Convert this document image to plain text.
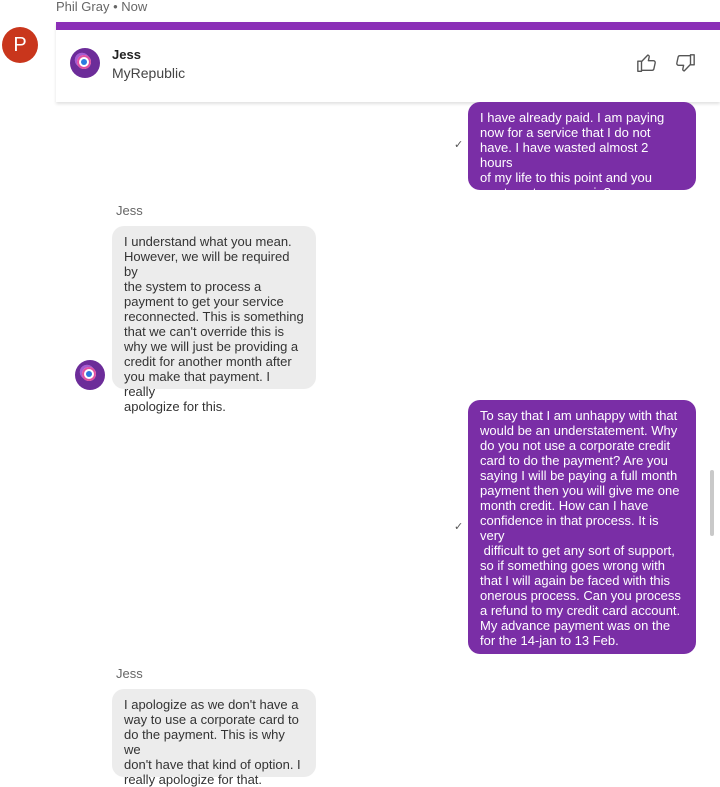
Phil Gray • Now
P	Jess
MyRepublic
✓
I have already paid. I am paying
now for a service that I do not
have. I have wasted almost 2 hours
of my life to this point and you
want me to pay again?
Jess
I understand what you mean.
However, we will be required by
the system to process a
payment to get your service
reconnected. This is something
that we can't override this is
why we will just be providing a
credit for another month after
you make that payment. I really
apologize for this.
✓
To say that I am unhappy with that
would be an understatement. Why
do you not use a corporate credit
card to do the payment? Are you
saying I will be paying a full month
payment then you will give me one
month credit. How can I have
confidence in that process. It is
very
difficult to get any sort of support,
so if something goes wrong with
that I will again be faced with this
onerous process. Can you process
a refund to my credit card account.
My advance payment was on the
for the 14-jan to 13 Feb.
Jess
I apologize as we don't have a
way to use a corporate card to
do the payment. This is why we
don't have that kind of option. I
really apologize for that.
